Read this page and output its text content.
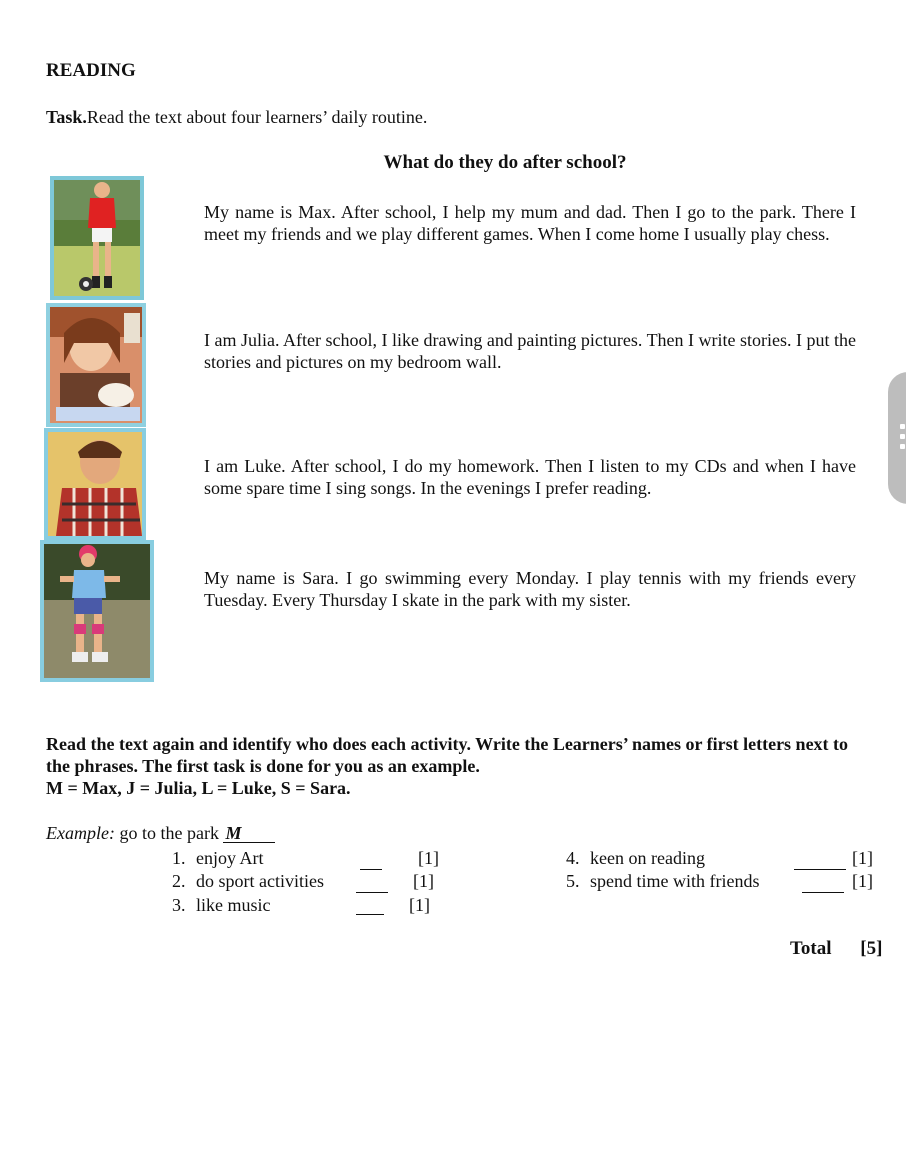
READING
Task.Read the text about four learners’ daily routine.
What do they do after school?
My name is Max. After school, I help my mum and dad. Then I go to the park. There I meet my friends and we play different games. When I come home I usually play chess.
I am Julia. After school, I like drawing and painting pictures. Then I write stories. I put the stories and pictures on my bedroom wall.
I am Luke. After school, I do my homework. Then I listen to my CDs and when I have some spare time I sing songs. In the evenings I prefer reading.
My name is Sara. I go swimming every Monday. I play tennis with my friends every Tuesday. Every Thursday I skate in the park with my sister.
Read the text again and identify who does each activity. Write the Learners’ names or first letters next to the phrases. The first task is done for you as an example.
M = Max, J = Julia, L = Luke, S = Sara.
Example: go to the park M
1. enjoy Art	[1]
2. do sport activities	[1]
3. like music	[1]
4. keen on reading	[1]
5. spend time with friends	[1]
Total [5]
